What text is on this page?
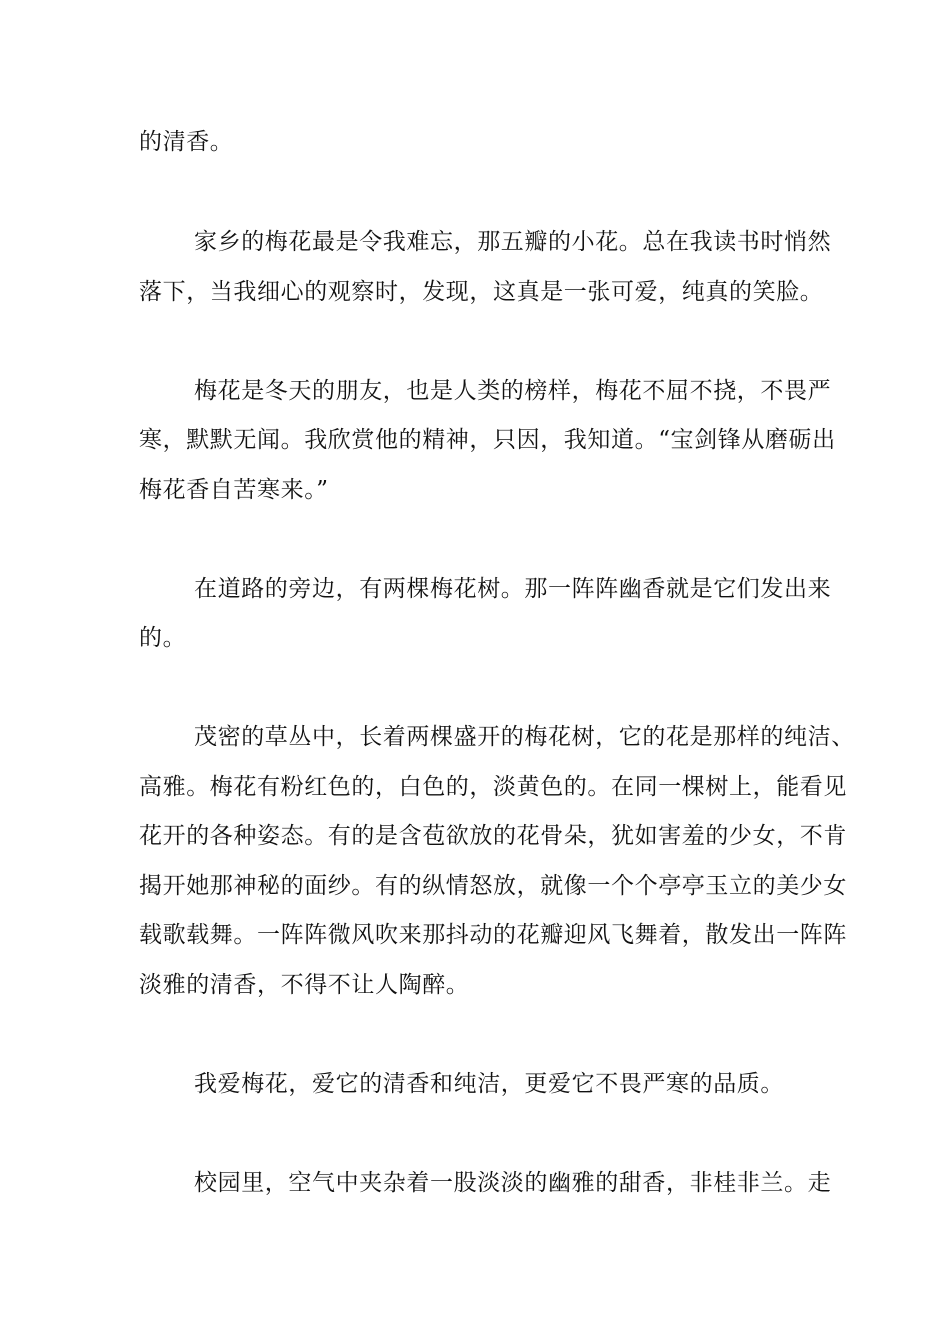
的清香。
家乡的梅花最是令我难忘，那五瓣的小花。总在我读书时悄然
落下，当我细心的观察时，发现，这真是一张可爱，纯真的笑脸。
梅花是冬天的朋友，也是人类的榜样，梅花不屈不挠，不畏严
寒，默默无闻。我欣赏他的精神，只因，我知道。“宝剑锋从磨砺出
梅花香自苦寒来。”
在道路的旁边，有两棵梅花树。那一阵阵幽香就是它们发出来
的。
茂密的草丛中，长着两棵盛开的梅花树，它的花是那样的纯洁、
高雅。梅花有粉红色的，白色的，淡黄色的。在同一棵树上，能看见
花开的各种姿态。有的是含苞欲放的花骨朵，犹如害羞的少女，不肯
揭开她那神秘的面纱。有的纵情怒放，就像一个个亭亭玉立的美少女
载歌载舞。一阵阵微风吹来那抖动的花瓣迎风飞舞着，散发出一阵阵
淡雅的清香，不得不让人陶醉。
我爱梅花，爱它的清香和纯洁，更爱它不畏严寒的品质。
校园里，空气中夹杂着一股淡淡的幽雅的甜香，非桂非兰。走
